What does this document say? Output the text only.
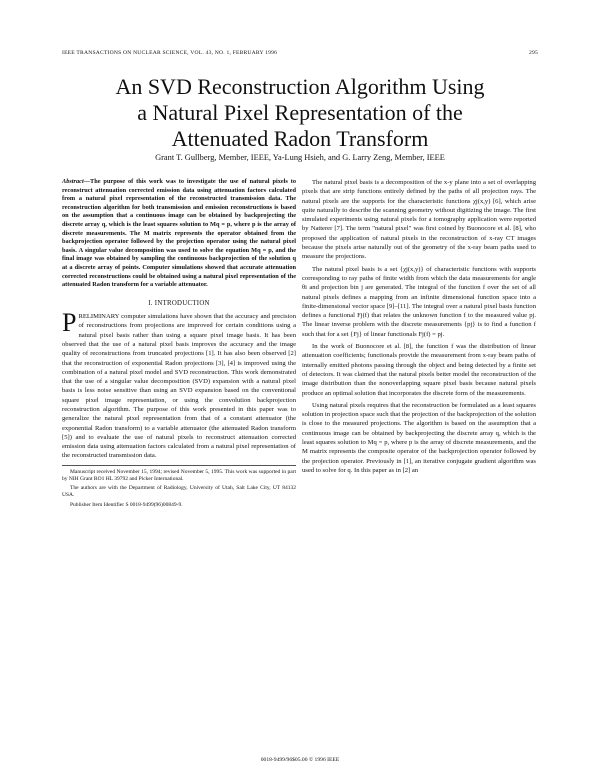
IEEE TRANSACTIONS ON NUCLEAR SCIENCE, VOL. 43, NO. 1, FEBRUARY 1996	295
An SVD Reconstruction Algorithm Using
a Natural Pixel Representation of the
Attenuated Radon Transform
Grant T. Gullberg, Member, IEEE, Ya-Lung Hsieh, and G. Larry Zeng, Member, IEEE

Abstract—The purpose of this work was to investigate the use of natural pixels to reconstruct attenuation corrected emission data using attenuation factors calculated from a natural pixel representation of the reconstructed transmission data. The reconstruction algorithm for both transmission and emission reconstructions is based on the assumption that a continuous image can be obtained by backprojecting the discrete array q, which is the least squares solution to Mq = p, where p is the array of discrete measurements. The M matrix represents the operator obtained from the backprojection operator followed by the projection operator using the natural pixel basis. A singular value decomposition was used to solve the equation Mq = p, and the final image was obtained by sampling the continuous backprojection of the solution q at a discrete array of points. Computer simulations showed that accurate attenuation corrected reconstructions could be obtained using a natural pixel representation of the attenuated Radon transform for a variable attenuator.

I. INTRODUCTION

PRELIMINARY computer simulations have shown that the accuracy and precision of reconstructions from projections are improved for certain conditions using a natural pixel basis rather than using a square pixel image basis. It has been observed that the use of a natural pixel basis improves the accuracy and the image quality of reconstructions from truncated projections [1]. It has also been observed [2] that the reconstruction of exponential Radon projections [3], [4] is improved using the combination of a natural pixel model and SVD reconstruction. This work demonstrated that the use of a singular value decomposition (SVD) expansion with a natural pixel basis is less noise sensitive than using an SVD expansion based on the conventional square pixel image representation, or using the convolution backprojection reconstruction algorithm. The purpose of this work presented in this paper was to generalize the natural pixel representation from that of a constant attenuator (the exponential Radon transform) to a variable attenuator (the attenuated Radon transform [5]) and to evaluate the use of natural pixels to reconstruct attenuation corrected emission data using attenuation factors calculated from a natural pixel representation of the reconstructed transmission data.

Manuscript received November 15, 1994; revised November 5, 1995. This work was supported in part by NIH Grant RO1 HL 39792 and Picker International.

The authors are with the Department of Radiology, University of Utah, Salt Lake City, UT 84132 USA.

Publisher Item Identifier S 0018-9499(96)00849-9.

The natural pixel basis is a decomposition of the x-y plane into a set of overlapping pixels that are strip functions entirely defined by the paths of all projection rays. The natural pixels are the supports for the characteristic functions χj(x,y) [6], which arise quite naturally to describe the scanning geometry without digitizing the image. The first simulated experiments using natural pixels for a tomography application were reported by Natterer [7]. The term "natural pixel" was first coined by Buonocore et al. [8], who proposed the application of natural pixels in the reconstruction of x-ray CT images because the pixels arise naturally out of the geometry of the x-ray beam paths used to measure the projections.

The natural pixel basis is a set {χj(x,y)} of characteristic functions with supports corresponding to ray paths of finite width from which the data measurements for angle θi and projection bin j are generated. The integral of the function f over the set of all natural pixels defines a mapping from an infinite dimensional function space into a finite-dimensional vector space [9]–[11]. The integral over a natural pixel basis function defines a functional Fj(f) that relates the unknown function f to the measured value pj. The linear inverse problem with the discrete measurements {pj} is to find a function f such that for a set {Fj} of linear functionals Fj(f) = pj.

In the work of Buonocore et al. [8], the function f was the distribution of linear attenuation coefficients; functionals provide the measurement from x-ray beam paths of internally emitted photons passing through the object and being detected by a finite set of detectors. It was claimed that the natural pixels better model the reconstruction of the image distribution than the nonoverlapping square pixel basis because natural pixels produce an optimal solution that incorporates the discrete form of the measurements.

Using natural pixels requires that the reconstruction be formulated as a least squares solution in projection space such that the projection of the backprojection of the solution is close to the measured projections. The algorithm is based on the assumption that a continuous image can be obtained by backprojecting the discrete array q, which is the least squares solution to Mq = p, where p is the array of discrete measurements, and the M matrix represents the composite operator of the backprojection operator followed by the projection operator. Previously in [1], an iterative conjugate gradient algorithm was used to solve for q. In this paper as in [2] an

0018-9499/96$05.00 © 1996 IEEE
